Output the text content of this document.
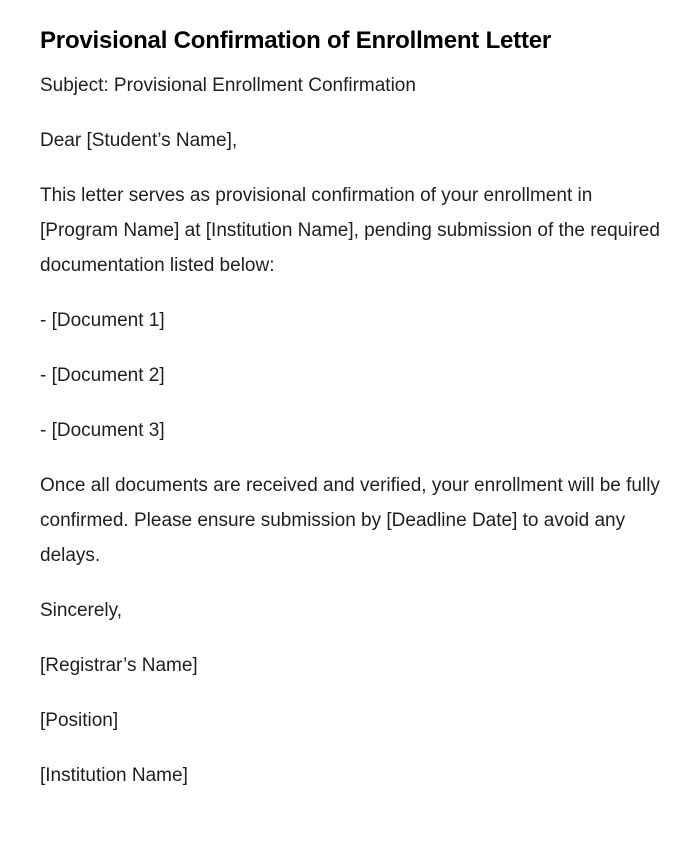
Provisional Confirmation of Enrollment Letter

Subject: Provisional Enrollment Confirmation

Dear [Student’s Name],

This letter serves as provisional confirmation of your enrollment in [Program Name] at [Institution Name], pending submission of the required documentation listed below:

- [Document 1]

- [Document 2]

- [Document 3]

Once all documents are received and verified, your enrollment will be fully confirmed. Please ensure submission by [Deadline Date] to avoid any delays.

Sincerely,

[Registrar’s Name]

[Position]

[Institution Name]
